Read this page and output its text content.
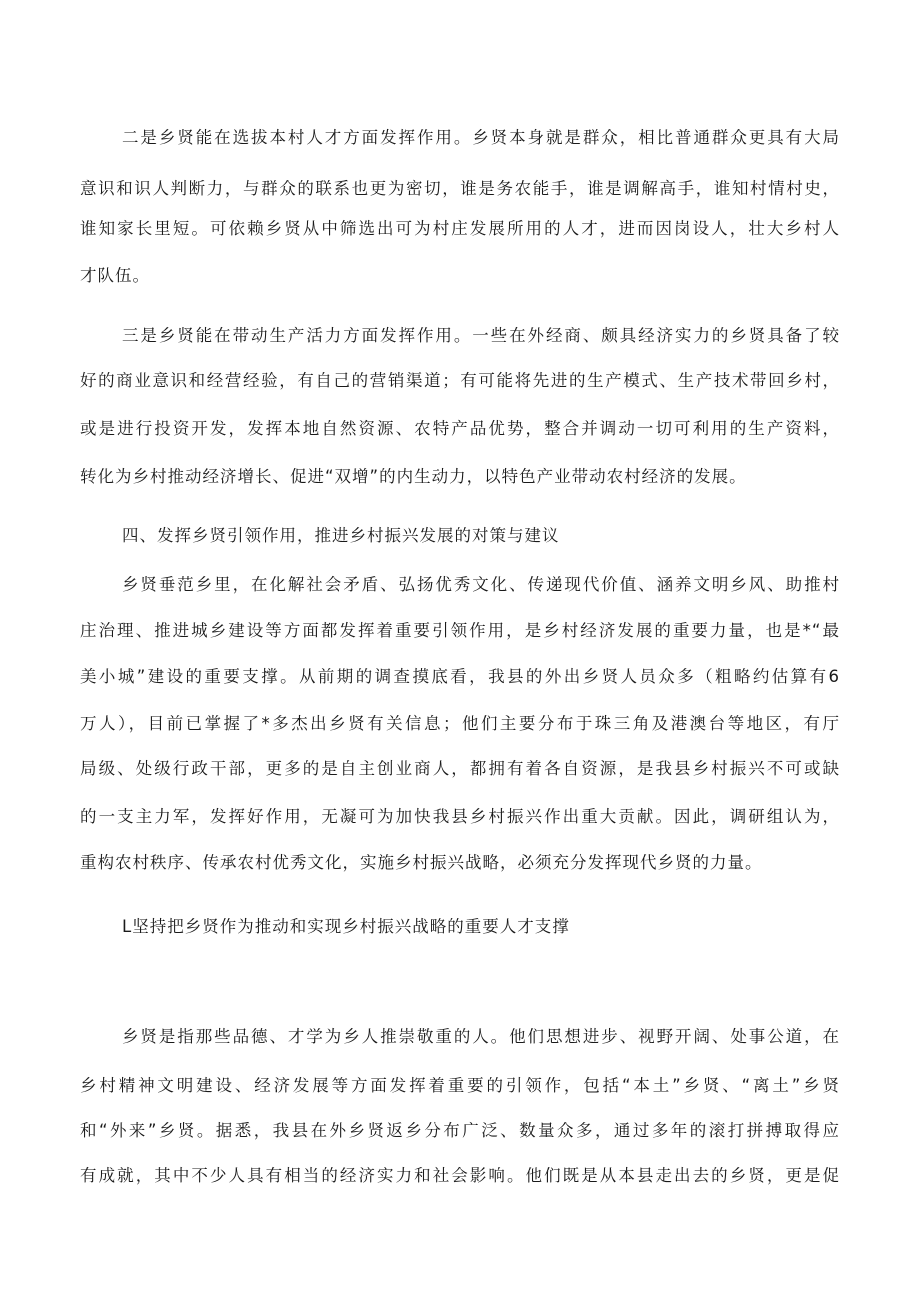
二是乡贤能在选拔本村人才方面发挥作用。乡贤本身就是群众，相比普通群众更具有大局
意识和识人判断力，与群众的联系也更为密切，谁是务农能手，谁是调解高手，谁知村情村史，
谁知家长里短。可依赖乡贤从中筛选出可为村庄发展所用的人才，进而因岗设人，壮大乡村人
才队伍。
三是乡贤能在带动生产活力方面发挥作用。一些在外经商、颇具经济实力的乡贤具备了较
好的商业意识和经营经验，有自己的营销渠道；有可能将先进的生产模式、生产技术带回乡村，
或是进行投资开发，发挥本地自然资源、农特产品优势，整合并调动一切可利用的生产资料，
转化为乡村推动经济增长、促进“双增”的内生动力，以特色产业带动农村经济的发展。
四、发挥乡贤引领作用，推进乡村振兴发展的对策与建议
乡贤垂范乡里，在化解社会矛盾、弘扬优秀文化、传递现代价值、涵养文明乡风、助推村
庄治理、推进城乡建设等方面都发挥着重要引领作用，是乡村经济发展的重要力量，也是*“最
美小城”建设的重要支撑。从前期的调查摸底看，我县的外出乡贤人员众多（粗略约估算有6
万人），目前已掌握了*多杰出乡贤有关信息；他们主要分布于珠三角及港澳台等地区，有厅
局级、处级行政干部，更多的是自主创业商人，都拥有着各自资源，是我县乡村振兴不可或缺
的一支主力军，发挥好作用，无凝可为加快我县乡村振兴作出重大贡献。因此，调研组认为，
重构农村秩序、传承农村优秀文化，实施乡村振兴战略，必须充分发挥现代乡贤的力量。
L坚持把乡贤作为推动和实现乡村振兴战略的重要人才支撑
乡贤是指那些品德、才学为乡人推崇敬重的人。他们思想进步、视野开阔、处事公道，在
乡村精神文明建设、经济发展等方面发挥着重要的引领作，包括“本土”乡贤、“离土”乡贤
和“外来”乡贤。据悉，我县在外乡贤返乡分布广泛、数量众多，通过多年的滚打拼搏取得应
有成就，其中不少人具有相当的经济实力和社会影响。他们既是从本县走出去的乡贤，更是促
